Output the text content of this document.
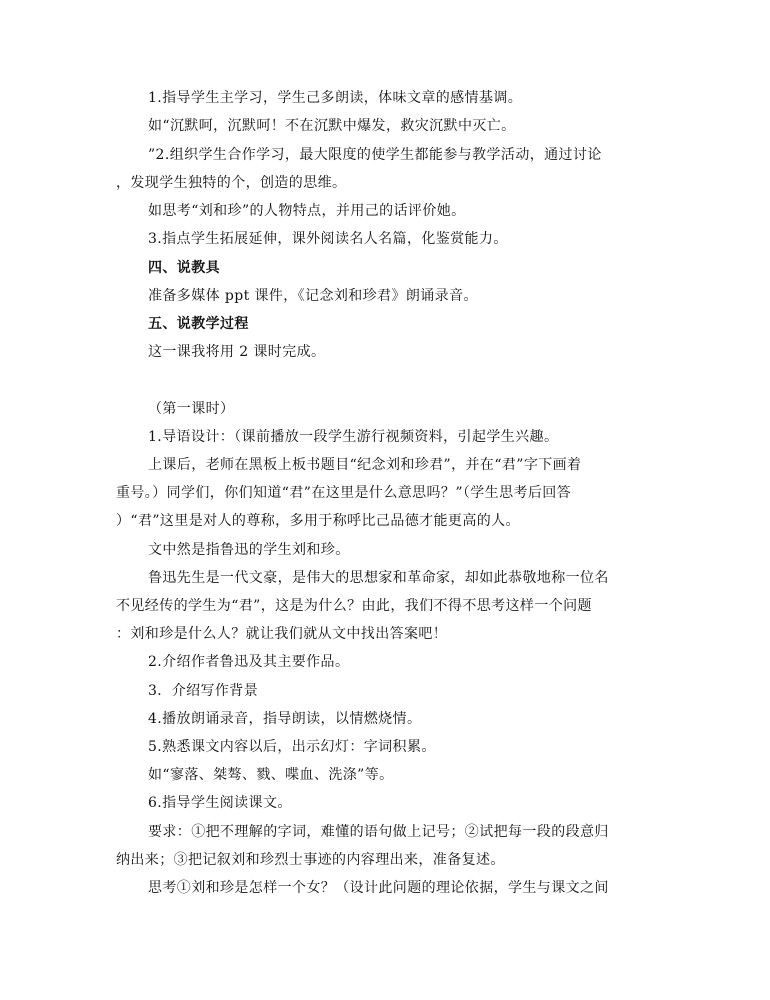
1.指导学生主学习，学生己多朗读，体味文章的感情基调。
如“沉默呵，沉默呵！不在沉默中爆发，救灾沉默中灭亡。
”2.组织学生合作学习，最大限度的使学生都能参与教学活动，通过讨论
，发现学生独特的个，创造的思维。
如思考“刘和珍”的人物特点，并用己的话评价她。
3.指点学生拓展延伸，课外阅读名人名篇，化鉴赏能力。
四、说教具
准备多媒体 ppt 课件，《记念刘和珍君》朗诵录音。
五、说教学过程
这一课我将用 2 课时完成。
（第一课时）
1.导语设计：（课前播放一段学生游行视频资料，引起学生兴趣。
上课后，老师在黑板上板书题目“纪念刘和珍君”，并在“君”字下画着
重号。）同学们，你们知道“君”在这里是什么意思吗？”（学生思考后回答
）“君”这里是对人的尊称，多用于称呼比己品德才能更高的人。
文中然是指鲁迅的学生刘和珍。
鲁迅先生是一代文豪，是伟大的思想家和革命家，却如此恭敬地称一位名
不见经传的学生为“君”，这是为什么？由此，我们不得不思考这样一个问题
：刘和珍是什么人？就让我们就从文中找出答案吧！
2.介绍作者鲁迅及其主要作品。
3．介绍写作背景
4.播放朗诵录音，指导朗读，以情燃烧情。
5.熟悉课文内容以后，出示幻灯：字词积累。
如“寥落、桀骜、戮、喋血、洗涤”等。
6.指导学生阅读课文。
要求：①把不理解的字词，难懂的语句做上记号；②试把每一段的段意归
纳出来；③把记叙刘和珍烈士事迹的内容理出来，准备复述。
思考①刘和珍是怎样一个女？（设计此问题的理论依据，学生与课文之间
